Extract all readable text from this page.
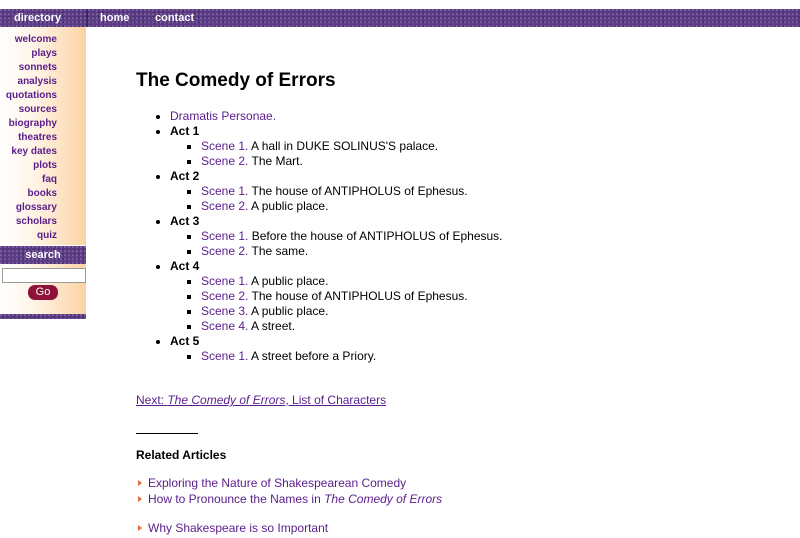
directory	home contact
welcome
plays
sonnets
analysis
quotations
sources
biography
theatres
key dates
plots
faq
books
glossary
scholars
quiz
search
Go
The Comedy of Errors
• Dramatis Personae.
• Act 1
▪ Scene 1. A hall in DUKE SOLINUS'S palace.
▪ Scene 2. The Mart.
• Act 2
▪ Scene 1. The house of ANTIPHOLUS of Ephesus.
▪ Scene 2. A public place.
• Act 3
▪ Scene 1. Before the house of ANTIPHOLUS of Ephesus.
▪ Scene 2. The same.
• Act 4
▪ Scene 1. A public place.
▪ Scene 2. The house of ANTIPHOLUS of Ephesus.
▪ Scene 3. A public place.
▪ Scene 4. A street.
• Act 5
▪ Scene 1. A street before a Priory.
Next: The Comedy of Errors, List of Characters
Related Articles
Exploring the Nature of Shakespearean Comedy
How to Pronounce the Names in The Comedy of Errors
Why Shakespeare is so Important
